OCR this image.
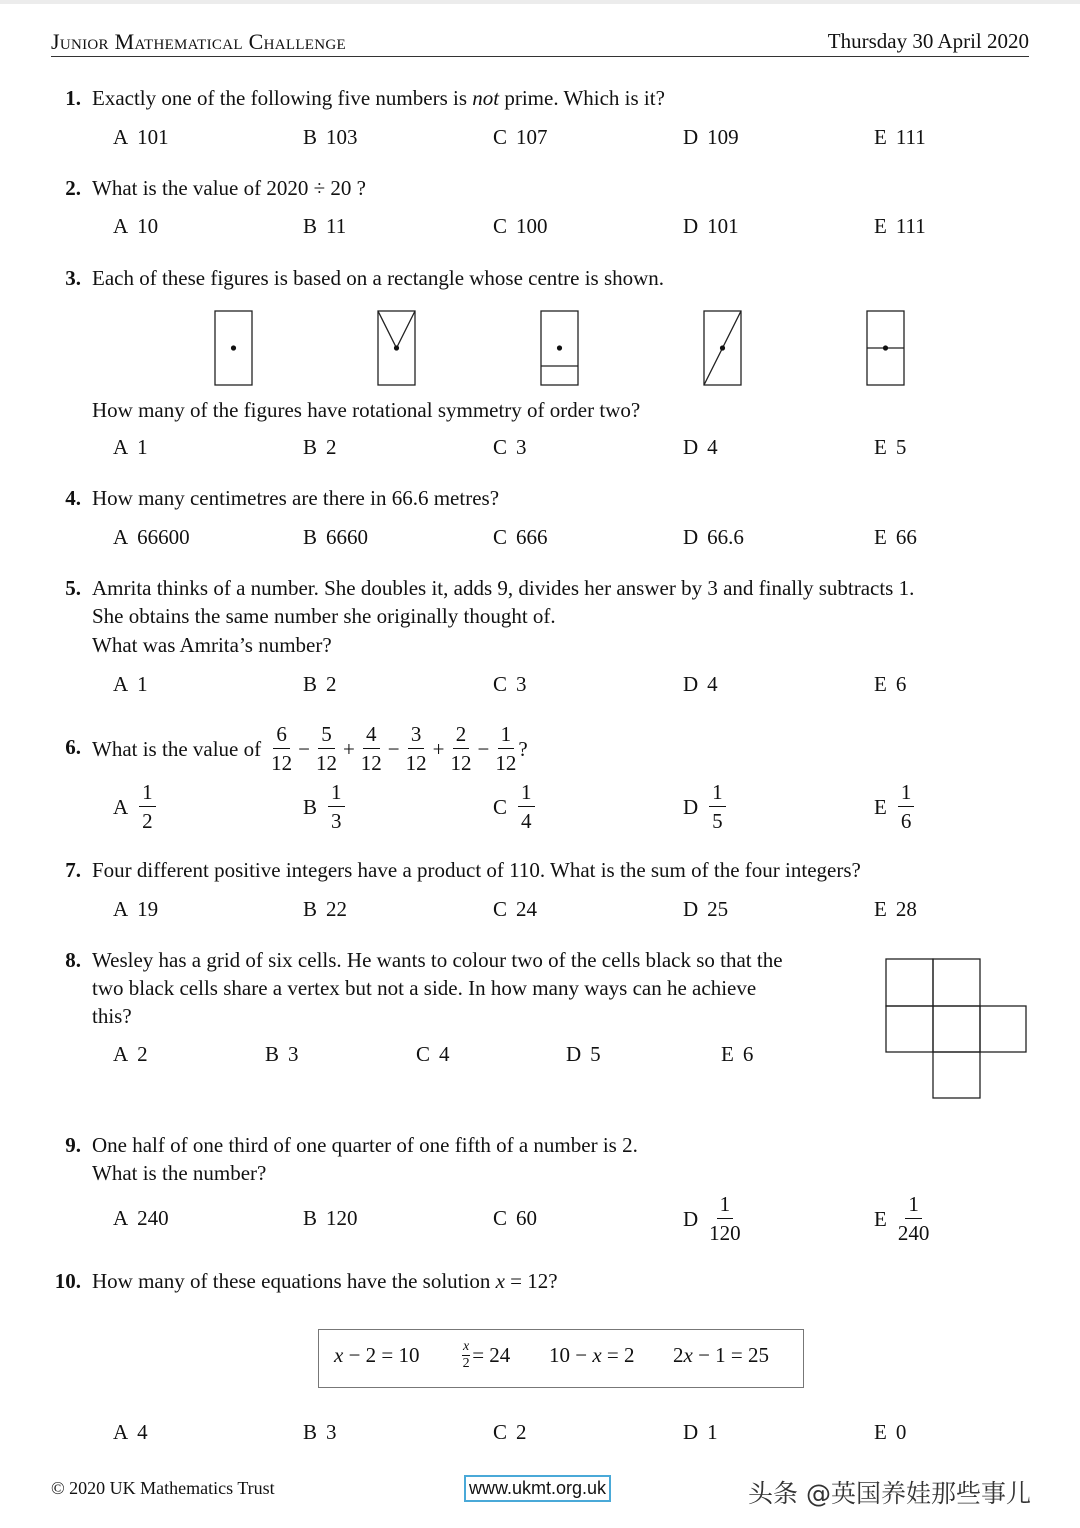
Junior Mathematical Challenge	Thursday 30 April 2020
1. Exactly one of the following five numbers is not prime. Which is it?
A 101	B 103	C 107	D 109	E 111
2. What is the value of 2020 ÷ 20 ?
A 10	B 11	C 100	D 101	E 111
3. Each of these figures is based on a rectangle whose centre is shown.
How many of the figures have rotational symmetry of order two?
A 1	B 2	C 3	D 4	E 5
4. How many centimetres are there in 66.6 metres?
A 66600	B 6660	C 666	D 66.6	E 66
5. Amrita thinks of a number. She doubles it, adds 9, divides her answer by 3 and finally subtracts 1.
She obtains the same number she originally thought of.
What was Amrita’s number?
A 1	B 2	C 3	D 4	E 6
6. What is the value of $\frac{6}{12} - \frac{5}{12} + \frac{4}{12} - \frac{3}{12} + \frac{2}{12} - \frac{1}{12}$ ?
A $\frac{1}{2}$	B $\frac{1}{3}$	C $\frac{1}{4}$	D $\frac{1}{5}$	E $\frac{1}{6}$
7. Four different positive integers have a product of 110. What is the sum of the four integers?
A 19	B 22	C 24	D 25	E 28
8. Wesley has a grid of six cells. He wants to colour two of the cells black so that the
two black cells share a vertex but not a side. In how many ways can he achieve
this?
A 2	B 3	C 4	D 5	E 6
9. One half of one third of one quarter of one fifth of a number is 2.
What is the number?
A 240	B 120	C 60	D $\frac{1}{120}$	E $\frac{1}{240}$
10. How many of these equations have the solution x = 12?
x − 2 = 10	$\frac{x}{2} = 24$ 10 − x = 2 2x − 1 = 25
A 4	B 3	C 2	D 1	E 0
© 2020 UK Mathematics Trust	www.ukmt.org.uk	头条 @英国养娃那些事儿
